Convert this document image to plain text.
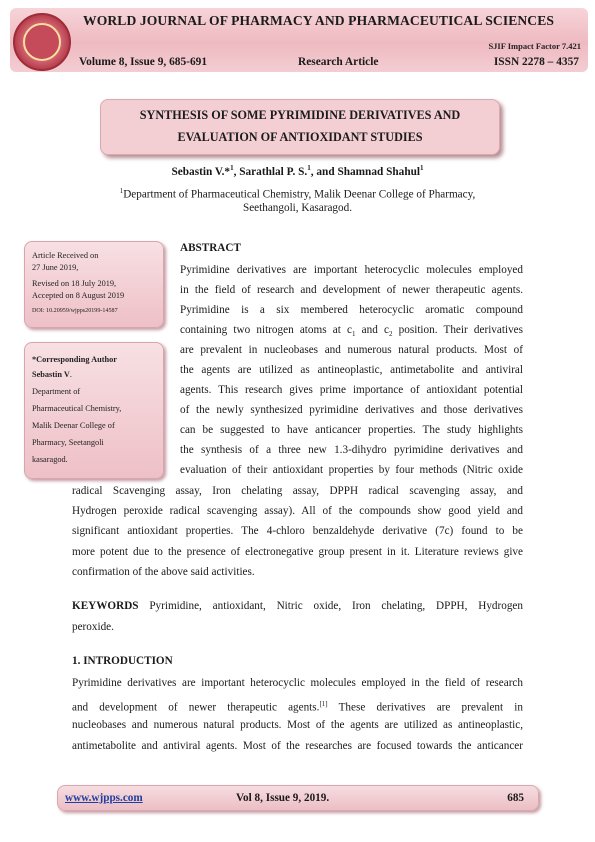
WORLD JOURNAL OF PHARMACY AND PHARMACEUTICAL SCIENCES
SJIF Impact Factor 7.421
Volume 8, Issue 9, 685-691	Research Article	ISSN 2278 – 4357
SYNTHESIS OF SOME PYRIMIDINE DERIVATIVES AND
EVALUATION OF ANTIOXIDANT STUDIES
Sebastin V.*$^1$, Sarathlal P. S.$^1$, and Shamnad Shahul$^1$
$^1$Department of Pharmaceutical Chemistry, Malik Deenar College of Pharmacy,
Seethangoli, Kasaragod.
Article Received on
27 June 2019,
Revised on 18 July 2019,
Accepted on 8 August 2019
DOI: 10.20959/wjpps20199-14587
*Corresponding Author
Sebastin V.
Department of
Pharmaceutical Chemistry,
Malik Deenar College of
Pharmacy, Seetangoli
kasaragod.
ABSTRACT
Pyrimidine derivatives are important heterocyclic molecules employed
in the field of research and development of newer therapeutic agents.
Pyrimidine is a six membered heterocyclic aromatic compound
containing two nitrogen atoms at $c_1$ and $c_2$ position. Their derivatives
are prevalent in nucleobases and numerous natural products. Most of
the agents are utilized as antineoplastic, antimetabolite and antiviral
agents. This research gives prime importance of antioxidant potential
of the newly synthesized pyrimidine derivatives and those derivatives
can be suggested to have anticancer properties. The study highlights
the synthesis of a three new 1.3-dihydro pyrimidine derivatives and
evaluation of their antioxidant properties by four methods (Nitric oxide
radical Scavenging assay, Iron chelating assay, DPPH radical scavenging assay, and
Hydrogen peroxide radical scavenging assay). All of the compounds show good yield and
significant antioxidant properties. The 4-chloro benzaldehyde derivative (7c) found to be
more potent due to the presence of electronegative group present in it. Literature reviews give
confirmation of the above said activities.
KEYWORDS Pyrimidine, antioxidant, Nitric oxide, Iron chelating, DPPH, Hydrogen
peroxide.
1. INTRODUCTION
Pyrimidine derivatives are important heterocyclic molecules employed in the field of research
and development of newer therapeutic agents.[1] These derivatives are prevalent in
nucleobases and numerous natural products. Most of the agents are utilized as antineoplastic,
antimetabolite and antiviral agents. Most of the researches are focused towards the anticancer
www.wjpps.com	Vol 8, Issue 9, 2019.	685
